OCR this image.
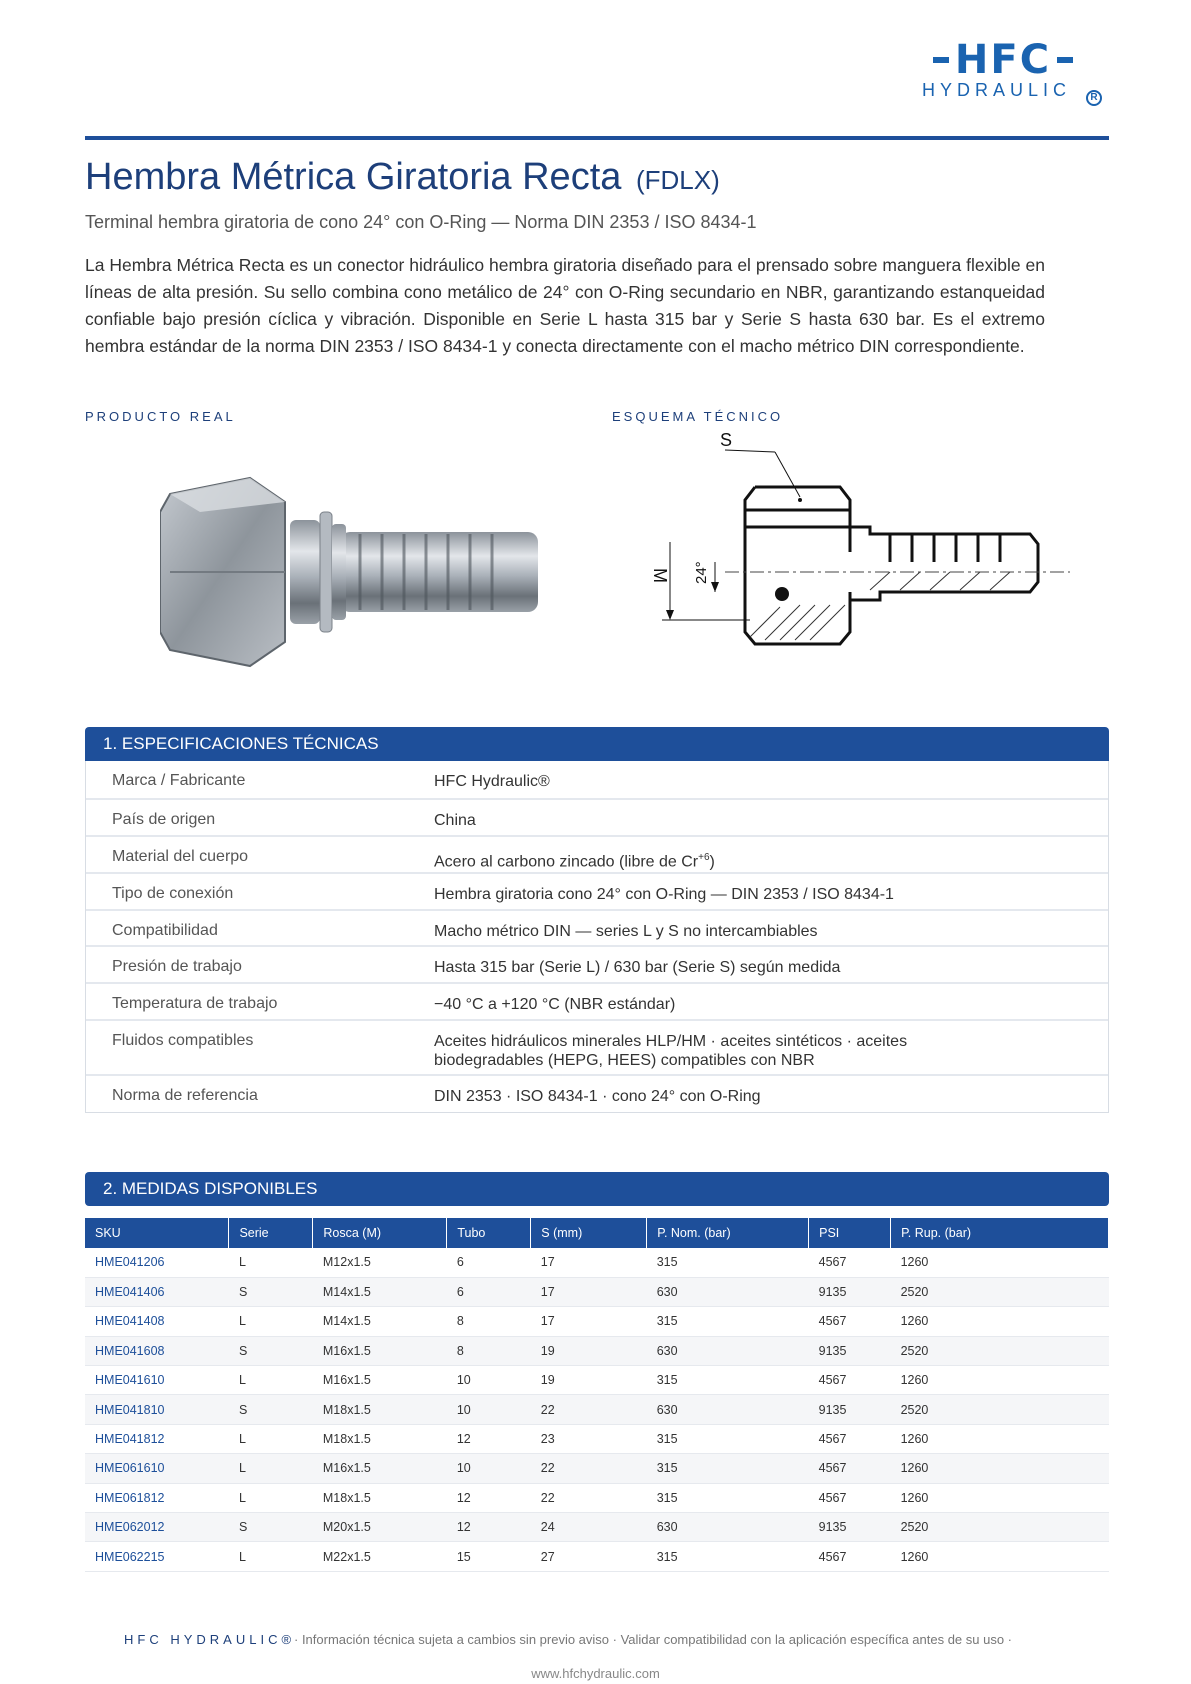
HFC
HYDRAULIC	R
Hembra Métrica Giratoria Recta (FDLX)
Terminal hembra giratoria de cono 24° con O-Ring — Norma DIN 2353 / ISO 8434-1

La Hembra Métrica Recta es un conector hidráulico hembra giratoria diseñado para el prensado sobre manguera flexible en líneas de alta presión. Su sello combina cono metálico de 24° con O-Ring secundario en NBR, garantizando estanqueidad confiable bajo presión cíclica y vibración. Disponible en Serie L hasta 315 bar y Serie S hasta 630 bar. Es el extremo hembra estándar de la norma DIN 2353 / ISO 8434-1 y conecta directamente con el macho métrico DIN correspondiente.

PRODUCTO REAL	ESQUEMA TÉCNICO
S
M 24°
1. ESPECIFICACIONES TÉCNICAS
Marca / Fabricante	HFC Hydraulic®
País de origen	China
Material del cuerpo	Acero al carbono zincado (libre de $Cr^{+6}$)
Tipo de conexión	Hembra giratoria cono 24° con O-Ring — DIN 2353 / ISO 8434-1
Compatibilidad	Macho métrico DIN — series L y S no intercambiables
Presión de trabajo	Hasta 315 bar (Serie L) / 630 bar (Serie S) según medida
Temperatura de trabajo	−40 °C a +120 °C (NBR estándar)
Fluidos compatibles	Aceites hidráulicos minerales HLP/HM · aceites sintéticos · aceites biodegradables (HEPG, HEES) compatibles con NBR
Norma de referencia	DIN 2353 · ISO 8434-1 · cono 24° con O-Ring
2. MEDIDAS DISPONIBLES
SKU	Serie	Rosca (M)	Tubo	S (mm)	P. Nom. (bar)	PSI	P. Rup. (bar)
HME041206	L	M12x1.5	6	17	315	4567	1260
HME041406	S	M14x1.5	6	17	630	9135	2520
HME041408	L	M14x1.5	8	17	315	4567	1260
HME041608	S	M16x1.5	8	19	630	9135	2520
HME041610	L	M16x1.5	10	19	315	4567	1260
HME041810	S	M18x1.5	10	22	630	9135	2520
HME041812	L	M18x1.5	12	23	315	4567	1260
HME061610	L	M16x1.5	10	22	315	4567	1260
HME061812	L	M18x1.5	12	22	315	4567	1260
HME062012	S	M20x1.5	12	24	630	9135	2520
HME062215	L	M22x1.5	15	27	315	4567	1260
HFC HYDRAULIC®
· Información técnica sujeta a cambios sin previo aviso · Validar compatibilidad con la aplicación específica antes de su uso ·
www.hfchydraulic.com
